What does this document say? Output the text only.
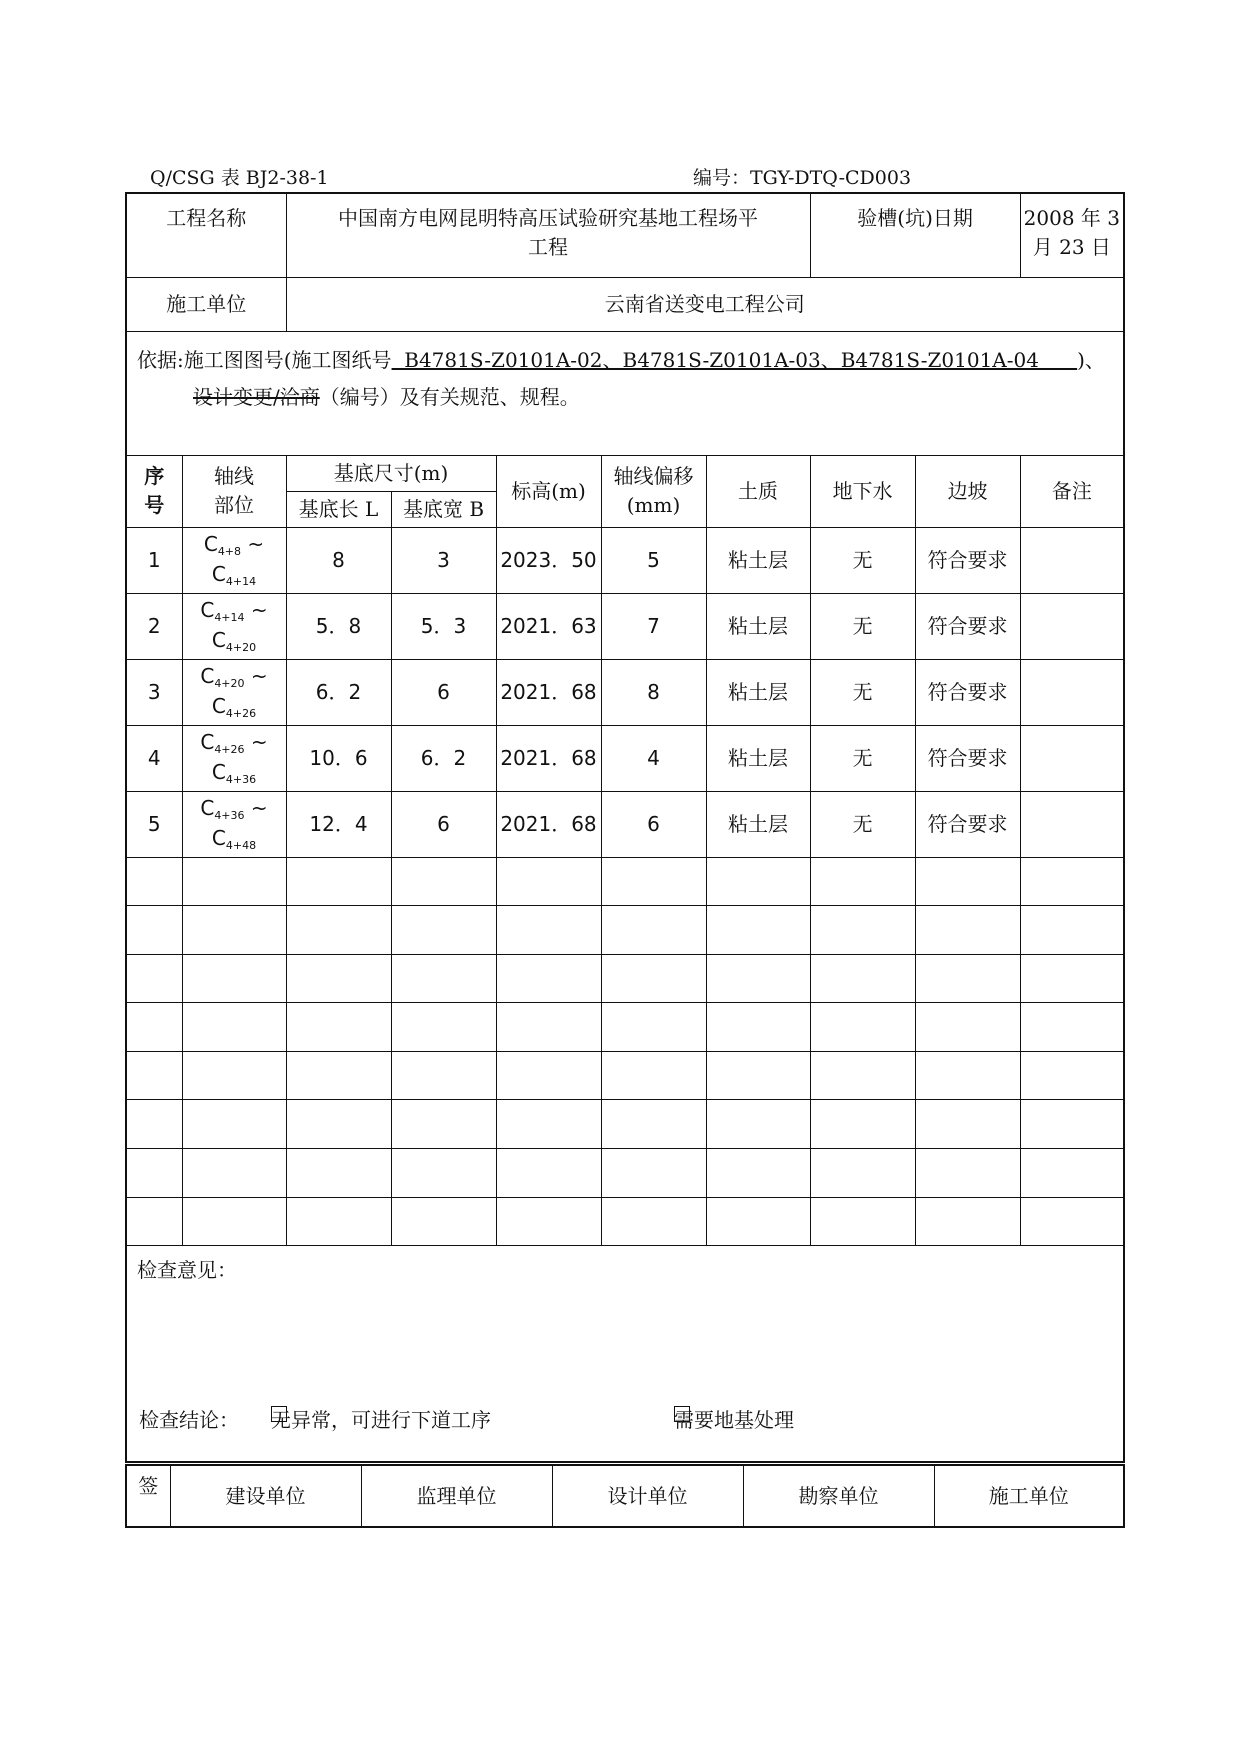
Q/CSG 表 BJ2-38-1	编号：TGY-DTQ-CD003
工程名称		中国南方电网昆明特高压试验研究基地工程场平工程					验槽(坑)日期		2008 年 3 月 23 日
施工单位		云南省送变电工程公司							

依据:施工图图号(施工图纸号  B4781S-Z0101A-02、B4781S-Z0101A-03、B4781S-Z0101A-04      )、
设计变更/洽商（编号）及有关规范、规程。									

序号	轴线部位	基底尺寸(m)		标高(m)	轴线偏移(mm)	土质	地下水	边坡	备注
		基底长 L	基底宽 B						
1	$C_{4+8}$ ~
$C_{4+14}$	8	3	2023．50	5	粘土层	无	符合要求	
2	$C_{4+14}$ ~
$C_{4+20}$	5．8	5．3	2021．63	7	粘土层	无	符合要求	
3	$C_{4+20}$ ~
$C_{4+26}$	6．2	6	2021．68	8	粘土层	无	符合要求	
4	$C_{4+26}$ ~
$C_{4+36}$	10．6	6．2	2021．68	4	粘土层	无	符合要求	
5	$C_{4+36}$ ~
$C_{4+48}$	12．4	6	2021．68	6	粘土层	无	符合要求	

检查意见：
检查结论： 无异常，可进行下道工序 需要地基处理									
签	建设单位	监理单位	设计单位	勘察单位	施工单位
